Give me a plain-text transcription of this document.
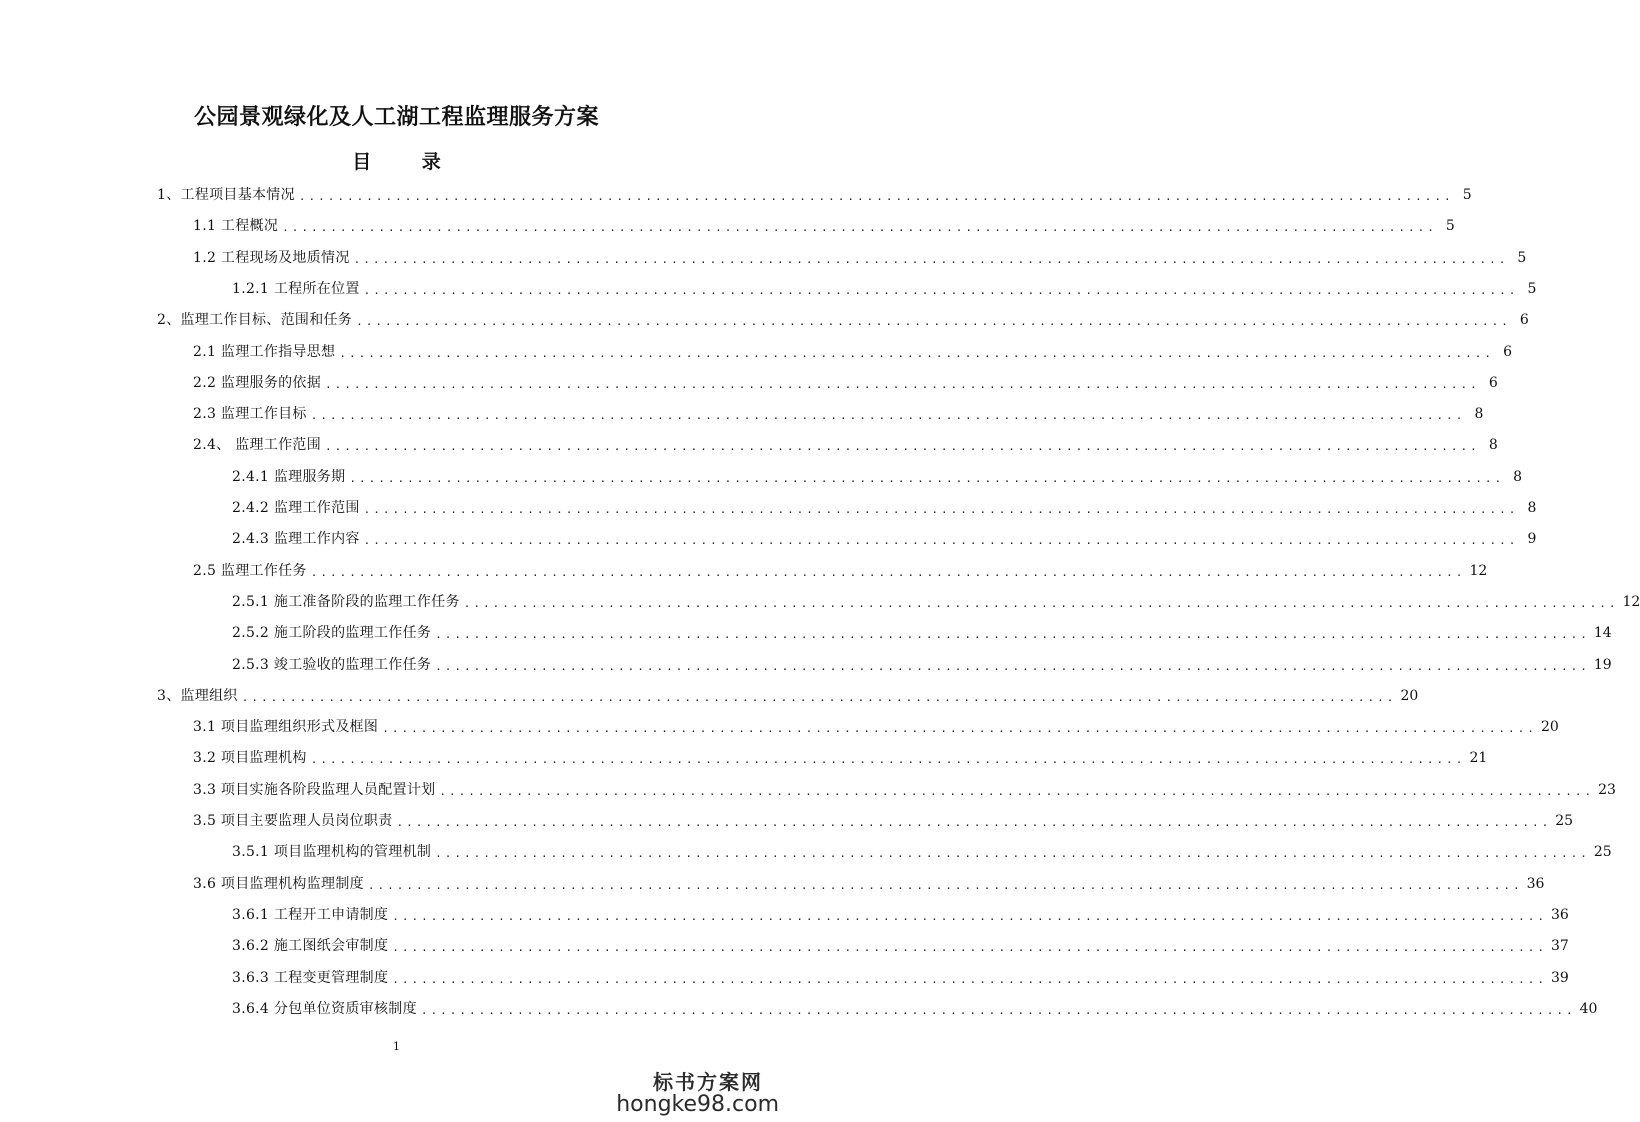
公园景观绿化及人工湖工程监理服务方案
目 录
1、工程项目基本情况 ........................................................................................................................ 5
1.1 工程概况 ........................................................................................................................ 5
1.2 工程现场及地质情况 ........................................................................................................................ 5
1.2.1 工程所在位置 ........................................................................................................................ 5
2、监理工作目标、范围和任务 ........................................................................................................................ 6
2.1 监理工作指导思想 ........................................................................................................................ 6
2.2 监理服务的依据 ........................................................................................................................ 6
2.3 监理工作目标 ........................................................................................................................ 8
2.4、 监理工作范围 ........................................................................................................................ 8
2.4.1 监理服务期 ........................................................................................................................ 8
2.4.2 监理工作范围 ........................................................................................................................ 8
2.4.3 监理工作内容 ........................................................................................................................ 9
2.5 监理工作任务 ........................................................................................................................ 12
2.5.1 施工准备阶段的监理工作任务 ........................................................................................................................ 12
2.5.2 施工阶段的监理工作任务 ........................................................................................................................ 14
2.5.3 竣工验收的监理工作任务 ........................................................................................................................ 19
3、监理组织 ........................................................................................................................ 20
3.1 项目监理组织形式及框图 ........................................................................................................................ 20
3.2 项目监理机构 ........................................................................................................................ 21
3.3 项目实施各阶段监理人员配置计划 ........................................................................................................................ 23
3.5 项目主要监理人员岗位职责 ........................................................................................................................ 25
3.5.1 项目监理机构的管理机制 ........................................................................................................................ 25
3.6 项目监理机构监理制度 ........................................................................................................................ 36
3.6.1 工程开工申请制度 ........................................................................................................................ 36
3.6.2 施工图纸会审制度 ........................................................................................................................ 37
3.6.3 工程变更管理制度 ........................................................................................................................ 39
3.6.4 分包单位资质审核制度 ........................................................................................................................ 40
1
标书方案网
hongke98.com
